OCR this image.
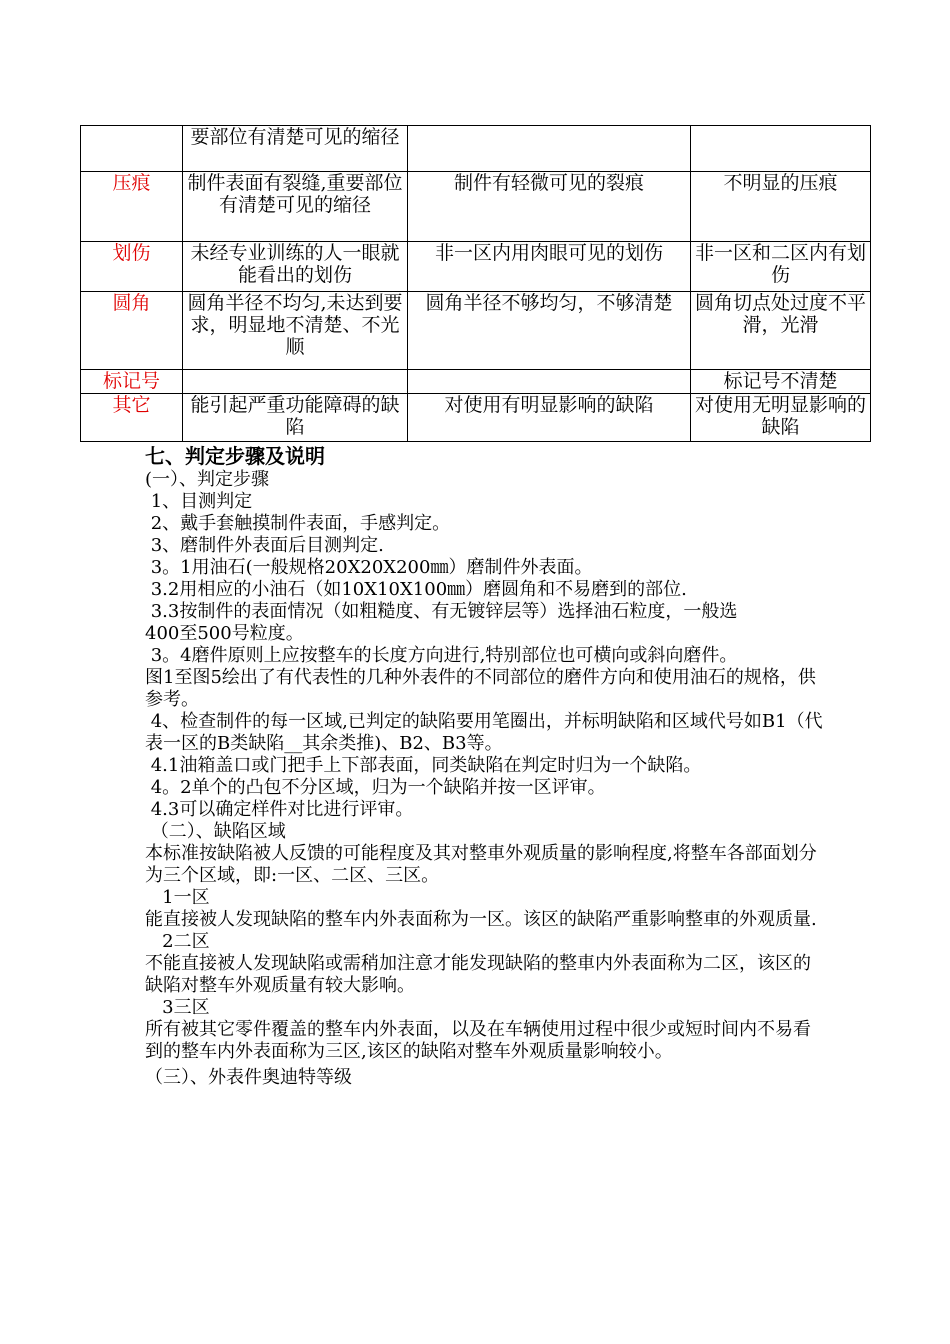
	要部位有清楚可见的缩径		
压痕	制件表面有裂缝,重要部位有清楚可见的缩径	制件有轻微可见的裂痕	不明显的压痕
划伤	未经专业训练的人一眼就能看出的划伤	非一区内用肉眼可见的划伤	非一区和二区内有划伤
圆角	圆角半径不均匀,未达到要求，明显地不清楚、不光顺	圆角半径不够均匀，不够清楚	圆角切点处过度不平滑，光滑
标记号			标记号不清楚
其它	能引起严重功能障碍的缺陷	对使用有明显影响的缺陷	对使用无明显影响的缺陷
七、判定步骤及说明

(一）、判定步骤

1、目测判定

2、戴手套触摸制件表面，手感判定。

3、磨制件外表面后目测判定.

3。1用油石(一般规格20X20X200㎜）磨制件外表面。

3.2用相应的小油石（如10X10X100㎜）磨圆角和不易磨到的部位.

3.3按制件的表面情况（如粗糙度、有无镀锌层等）选择油石粒度，一般选

400至500号粒度。

3。4磨件原则上应按整车的长度方向进行,特别部位也可横向或斜向磨件。

图1至图5绘出了有代表性的几种外表件的不同部位的磨件方向和使用油石的规格，供参考。

4、检查制件的每一区域,已判定的缺陷要用笔圈出，并标明缺陷和区域代号如B1（代表一区的B类缺陷__其余类推)、B2、B3等。

4.1油箱盖口或门把手上下部表面，同类缺陷在判定时归为一个缺陷。

4。2单个的凸包不分区域，归为一个缺陷并按一区评审。

4.3可以确定样件对比进行评审。

（二）、缺陷区域

本标准按缺陷被人反馈的可能程度及其对整車外观质量的影响程度,将整车各部面划分为三个区域，即:一区、二区、三区。

1一区

能直接被人发现缺陷的整车内外表面称为一区。该区的缺陷严重影响整車的外观质量.

2二区

不能直接被人发现缺陷或需稍加注意才能发现缺陷的整車内外表面称为二区，该区的缺陷对整车外观质量有较大影响。

3三区

所有被其它零件覆盖的整车内外表面，以及在车辆使用过程中很少或短时间内不易看到的整车内外表面称为三区,该区的缺陷对整车外观质量影响较小。

（三）、外表件奥迪特等级
